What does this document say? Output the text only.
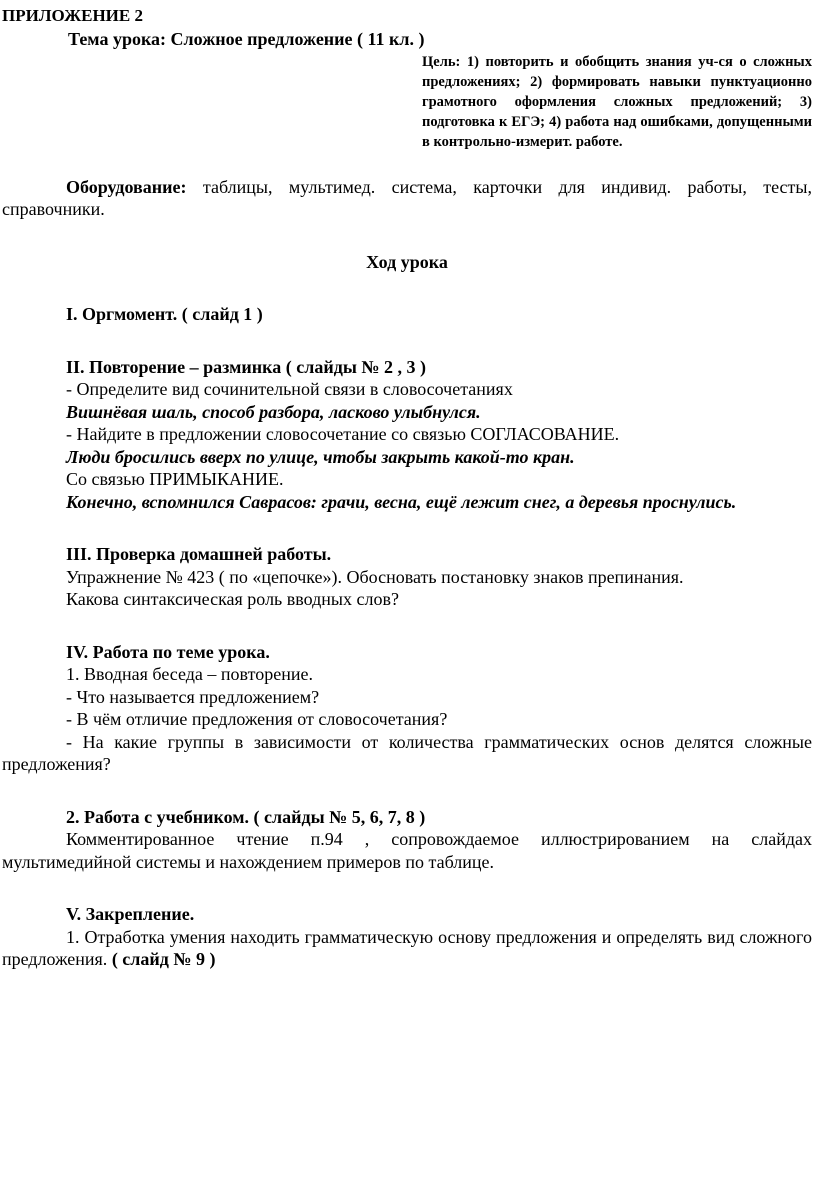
ПРИЛОЖЕНИЕ 2

Тема урока: Сложное предложение ( 11 кл. )

Цель: 1) повторить и обобщить знания уч-ся о сложных предложениях; 2) формировать навыки пунктуационно грамотного оформления сложных предложений; 3) подготовка к ЕГЭ; 4) работа над ошибками, допущенными в контрольно-измерит. работе.

Оборудование: таблицы, мультимед. система, карточки для индивид. работы, тесты, справочники.

Ход урока

I. Оргмомент. ( слайд 1 )

II. Повторение – разминка ( слайды № 2 , 3 )

- Определите вид сочинительной связи в словосочетаниях

Вишнёвая шаль, способ разбора, ласково улыбнулся.

- Найдите в предложении словосочетание со связью СОГЛАСОВАНИЕ.

Люди бросились вверх по улице, чтобы закрыть какой-то кран.

Со связью ПРИМЫКАНИЕ.

Конечно, вспомнился Саврасов: грачи, весна, ещё лежит снег, а деревья проснулись.

III. Проверка домашней работы.

Упражнение № 423 ( по «цепочке»). Обосновать постановку знаков препинания.

Какова синтаксическая роль вводных слов?

IV. Работа по теме урока.

1. Вводная беседа – повторение.

- Что называется предложением?

- В чём отличие предложения от словосочетания?

- На какие группы в зависимости от количества грамматических основ делятся сложные предложения?

2. Работа с учебником. ( слайды № 5, 6, 7, 8 )

Комментированное чтение п.94 , сопровождаемое иллюстрированием на слайдах мультимедийной системы и нахождением примеров по таблице.

V. Закрепление.

1. Отработка умения находить грамматическую основу предложения и определять вид сложного предложения. ( слайд № 9 )
